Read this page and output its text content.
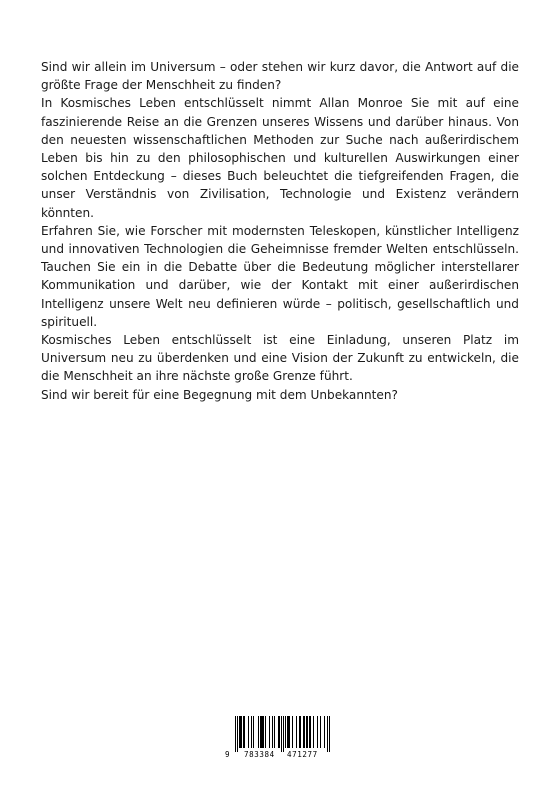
Sind wir allein im Universum – oder stehen wir kurz davor, die Antwort auf die größte Frage der Menschheit zu finden?

In Kosmisches Leben entschlüsselt nimmt Allan Monroe Sie mit auf eine faszinierende Reise an die Grenzen unseres Wissens und darüber hinaus. Von den neuesten wissenschaftlichen Methoden zur Suche nach außerirdischem Leben bis hin zu den philosophischen und kulturellen Auswirkungen einer solchen Entdeckung – dieses Buch beleuchtet die tiefgreifenden Fragen, die unser Verständnis von Zivilisation, Technologie und Existenz verändern könnten.

Erfahren Sie, wie Forscher mit modernsten Teleskopen, künstlicher Intelligenz und innovativen Technologien die Geheimnisse fremder Welten entschlüsseln. Tauchen Sie ein in die Debatte über die Bedeutung möglicher interstellarer Kommunikation und darüber, wie der Kontakt mit einer außerirdischen Intelligenz unsere Welt neu definieren würde – politisch, gesellschaftlich und spirituell.

Kosmisches Leben entschlüsselt ist eine Einladung, unseren Platz im Universum neu zu überdenken und eine Vision der Zukunft zu entwickeln, die die Menschheit an ihre nächste große Grenze führt.

Sind wir bereit für eine Begegnung mit dem Unbekannten?

9 783384 471277
